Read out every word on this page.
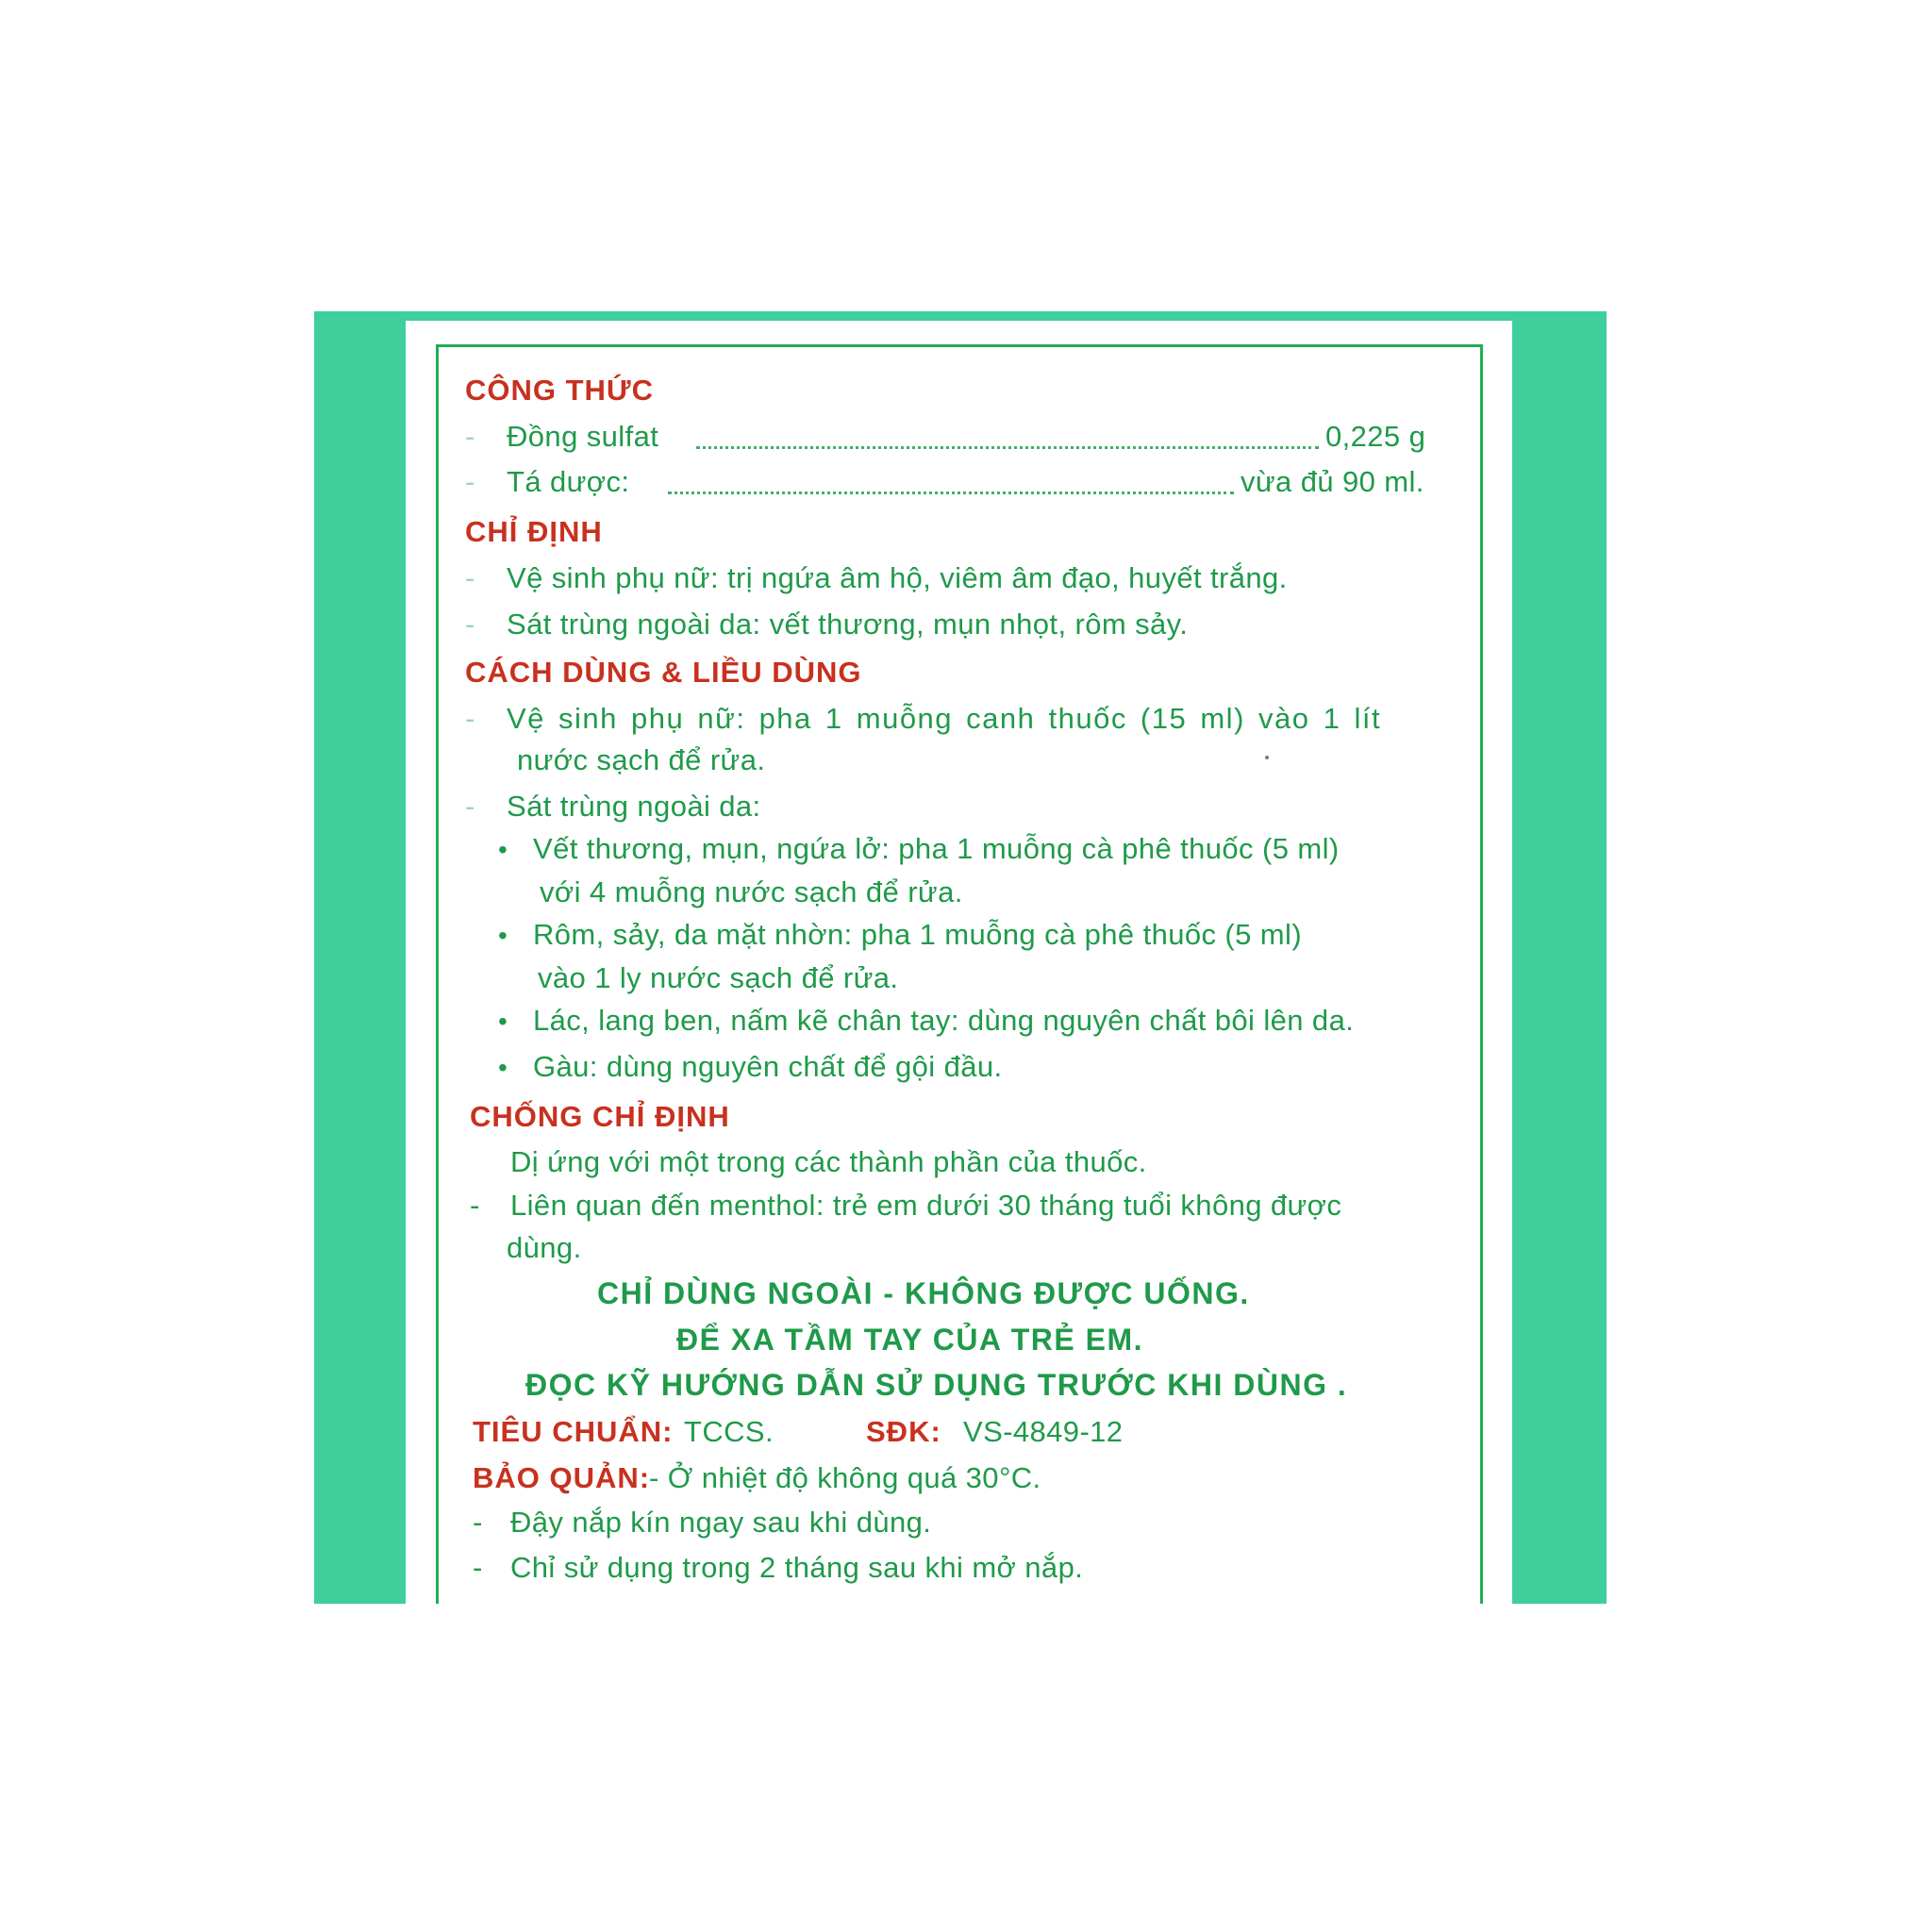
CÔNG THỨC
- Đồng sulfat	0,225 g
- Tá dược:	vừa đủ 90 ml.
CHỈ ĐỊNH
- Vệ sinh phụ nữ: trị ngứa âm hộ, viêm âm đạo, huyết trắng.
- Sát trùng ngoài da: vết thương, mụn nhọt, rôm sảy.
CÁCH DÙNG & LIỀU DÙNG
- Vệ sinh phụ nữ: pha 1 muỗng canh thuốc (15 ml) vào 1 lít
nước sạch để rửa.
- Sát trùng ngoài da:
• Vết thương, mụn, ngứa lở: pha 1 muỗng cà phê thuốc (5 ml)
với 4 muỗng nước sạch để rửa.
• Rôm, sảy, da mặt nhờn: pha 1 muỗng cà phê thuốc (5 ml)
vào 1 ly nước sạch để rửa.
• Lác, lang ben, nấm kẽ chân tay: dùng nguyên chất bôi lên da.
• Gàu: dùng nguyên chất để gội đầu.
CHỐNG CHỈ ĐỊNH
Dị ứng với một trong các thành phần của thuốc.
- Liên quan đến menthol: trẻ em dưới 30 tháng tuổi không được
dùng.
CHỈ DÙNG NGOÀI - KHÔNG ĐƯỢC UỐNG.
ĐỂ XA TẦM TAY CỦA TRẺ EM.
ĐỌC KỸ HƯỚNG DẪN SỬ DỤNG TRƯỚC KHI DÙNG .
TIÊU CHUẨN: TCCS.	SĐK: VS-4849-12
BẢO QUẢN:
- Ở nhiệt độ không quá 30°C.
- Đậy nắp kín ngay sau khi dùng.
- Chỉ sử dụng trong 2 tháng sau khi mở nắp.
